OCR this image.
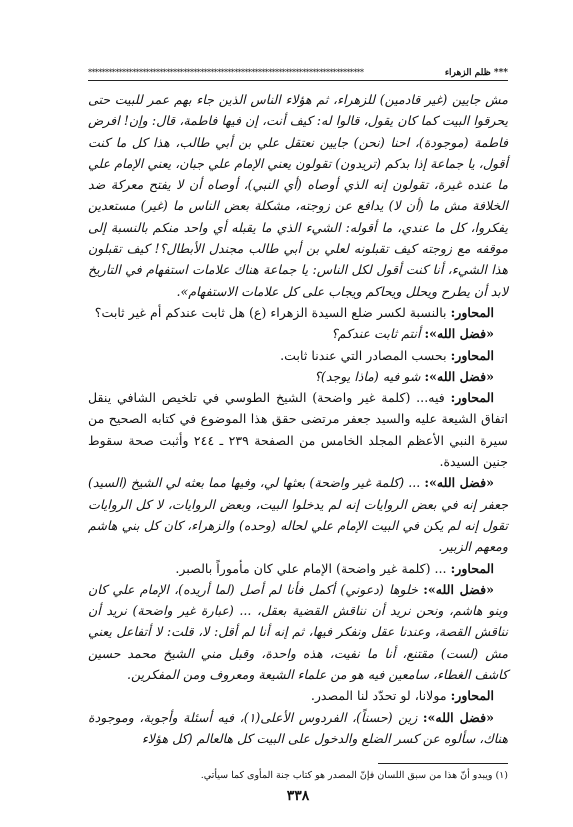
*** ظلم الزهراء
*********************************************************************************

مش جايين (غير قادمين) للزهراء، ثم هؤلاء الناس الذين جاء بهم عمر للبيت حتى يحرقوا البيت كما كان يقول، قالوا له: كيف أنت، إن فيها فاطمة، قال: وإن! افرض فاطمة (موجودة)، احنا (نحن) جايين نعتقل علي بن أبي طالب، هذا كل ما كنت أقول، يا جماعة إذا بدكم (تريدون) تقولون يعني الإمام علي جبان، يعني الإمام علي ما عنده غيرة، تقولون إنه الذي أوصاه (أي النبي)، أوصاه أن لا يفتح معركة ضد الخلافة مش ما (أن لا) يدافع عن زوجته، مشكلة بعض الناس ما (غير) مستعدين يفكروا، كل ما عندي، ما أقوله: الشيء الذي ما يقبله أي واحد منكم بالنسبة إلى موقفه مع زوجته كيف تقبلونه لعلي بن أبي طالب مجندل الأبطال؟! كيف تقبلون هذا الشيء، أنا كنت أقول لكل الناس: يا جماعة هناك علامات استفهام في التاريخ لابد أن يطرح ويحلل ويحاكم ويجاب على كل علامات الاستفهام».

المحاور: بالنسبة لكسر ضلع السيدة الزهراء (ع) هل ثابت عندكم أم غير ثابت؟

«فضل الله»: أنتم ثابت عندكم؟

المحاور: بحسب المصادر التي عندنا ثابت.

«فضل الله»: شو فيه (ماذا يوجد)؟

المحاور: فيه... (كلمة غير واضحة) الشيخ الطوسي في تلخيص الشافي ينقل اتفاق الشيعة عليه والسيد جعفر مرتضى حقق هذا الموضوع في كتابه الصحيح من سيرة النبي الأعظم المجلد الخامس من الصفحة ٢٣٩ ـ ٢٤٤ وأثبت صحة سقوط جنين السيدة.

«فضل الله»: ... (كلمة غير واضحة) بعثها لي، وفيها مما بعثه لي الشيخ (السيد) جعفر إنه في بعض الروايات إنه لم يدخلوا البيت، وبعض الروايات، لا كل الروايات تقول إنه لم يكن في البيت الإمام علي لحاله (وحده) والزهراء، كان كل بني هاشم ومعهم الزبير.

المحاور: ... (كلمة غير واضحة) الإمام علي كان مأموراً بالصبر.

«فضل الله»: خلوها (دعوني) أكمل فأنا لم أصل (لما أريده)، الإمام علي كان وبنو هاشم، ونحن نريد أن نناقش القضية بعقل، ... (عبارة غير واضحة) نريد أن نناقش القصة، وعندنا عقل ونفكر فيها، ثم إنه أنا لم أقل: لا، قلت: لا أتفاعل يعني مش (لست) مقتنع، أنا ما نفيت، هذه واحدة، وقبل مني الشيخ محمد حسين كاشف الغطاء، سامعين فيه هو من علماء الشيعة ومعروف ومن المفكرين.

المحاور: مولانا، لو تحدّد لنا المصدر.

«فضل الله»: زين (حسناً)، الفردوس الأعلى(١)، فيه أسئلة وأجوبة، وموجودة هناك، سألوه عن كسر الضلع والدخول على البيت كل هالعالم (كل هؤلاء

(١) ويبدو أنّ هذا من سبق اللسان فإنّ المصدر هو كتاب جنة المأوى كما سيأتي.
٣٣٨
